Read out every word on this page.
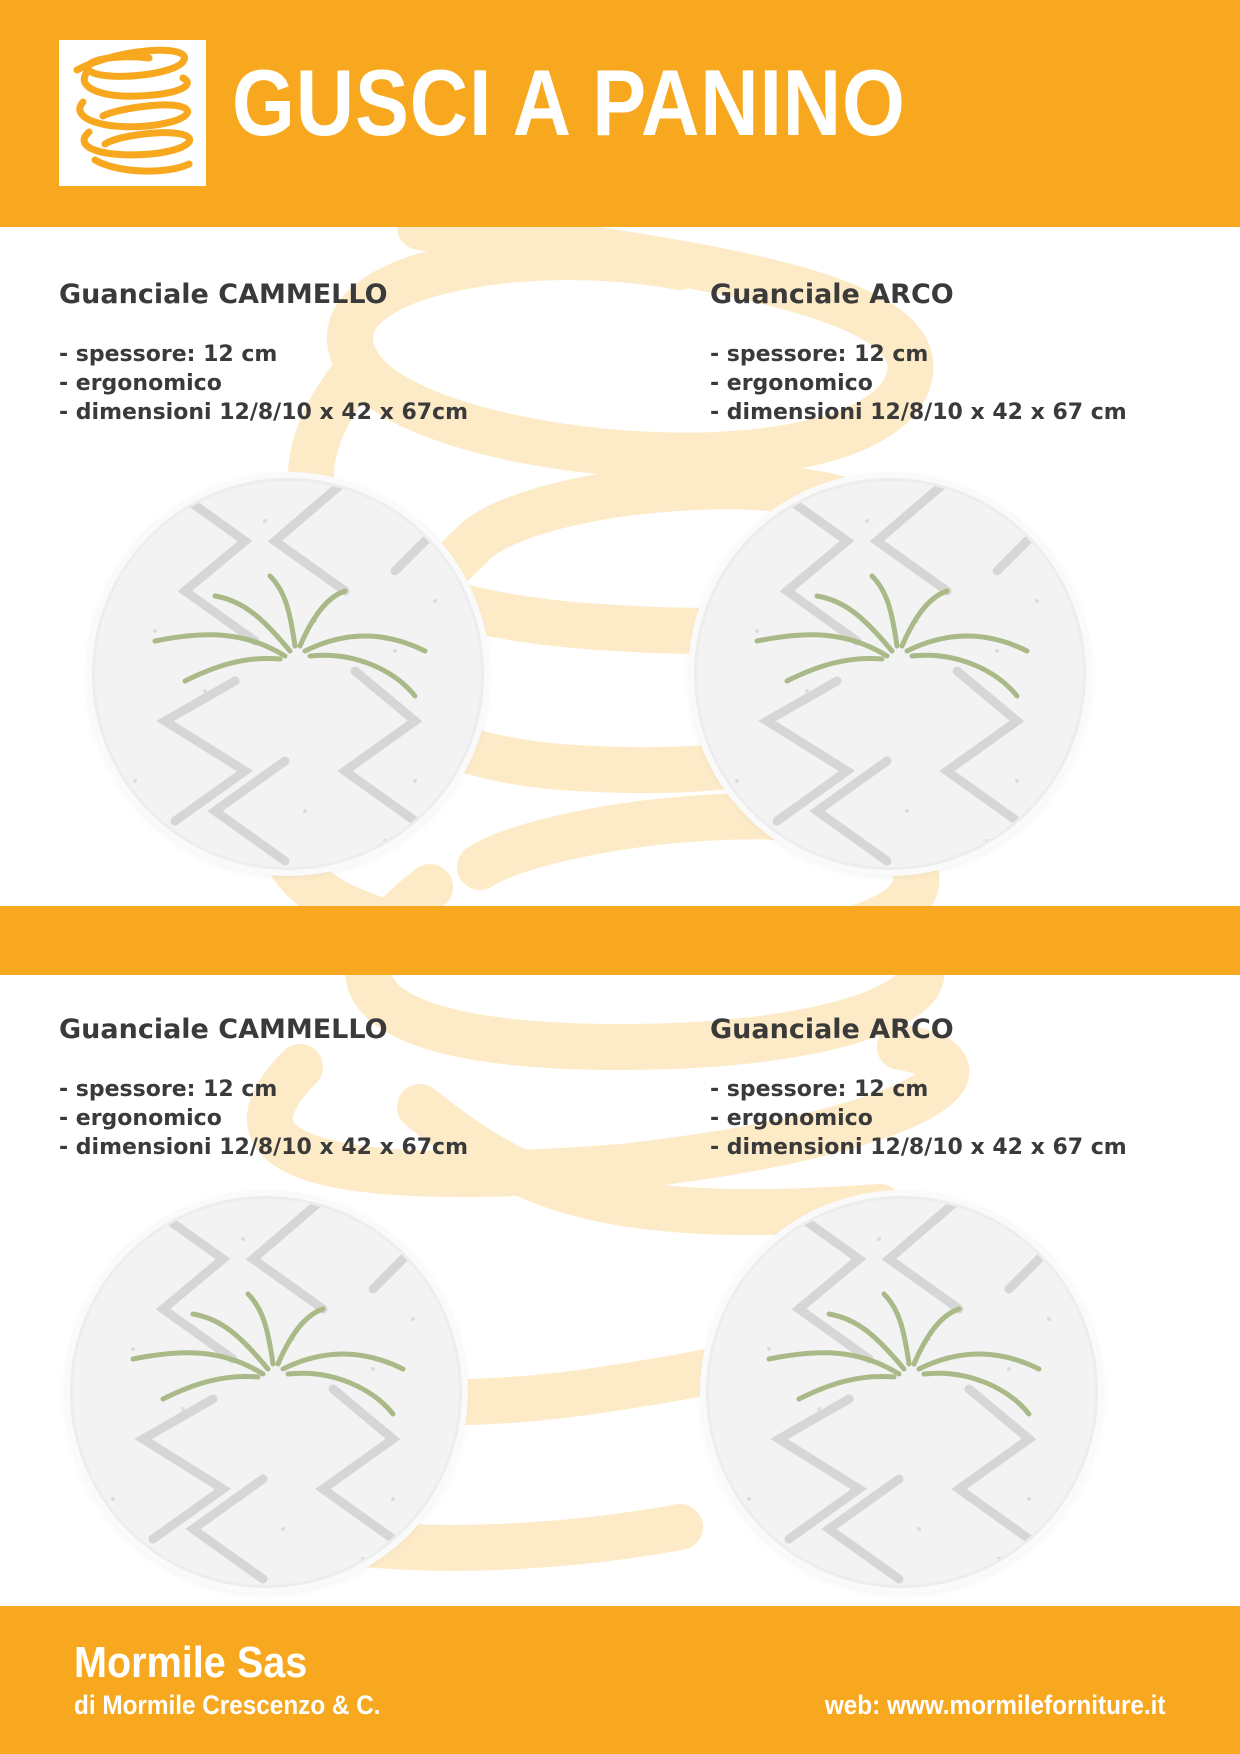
GUSCI A PANINO
Guanciale CAMMELLO
- spessore: 12 cm
- ergonomico
- dimensioni 12/8/10 x 42 x 67cm
Guanciale ARCO
- spessore: 12 cm
- ergonomico
- dimensioni 12/8/10 x 42 x 67 cm
Guanciale CAMMELLO
- spessore: 12 cm
- ergonomico
- dimensioni 12/8/10 x 42 x 67cm
Guanciale ARCO
- spessore: 12 cm
- ergonomico
- dimensioni 12/8/10 x 42 x 67 cm
Mormile Sas
di Mormile Crescenzo & C.	web: www.mormileforniture.it
